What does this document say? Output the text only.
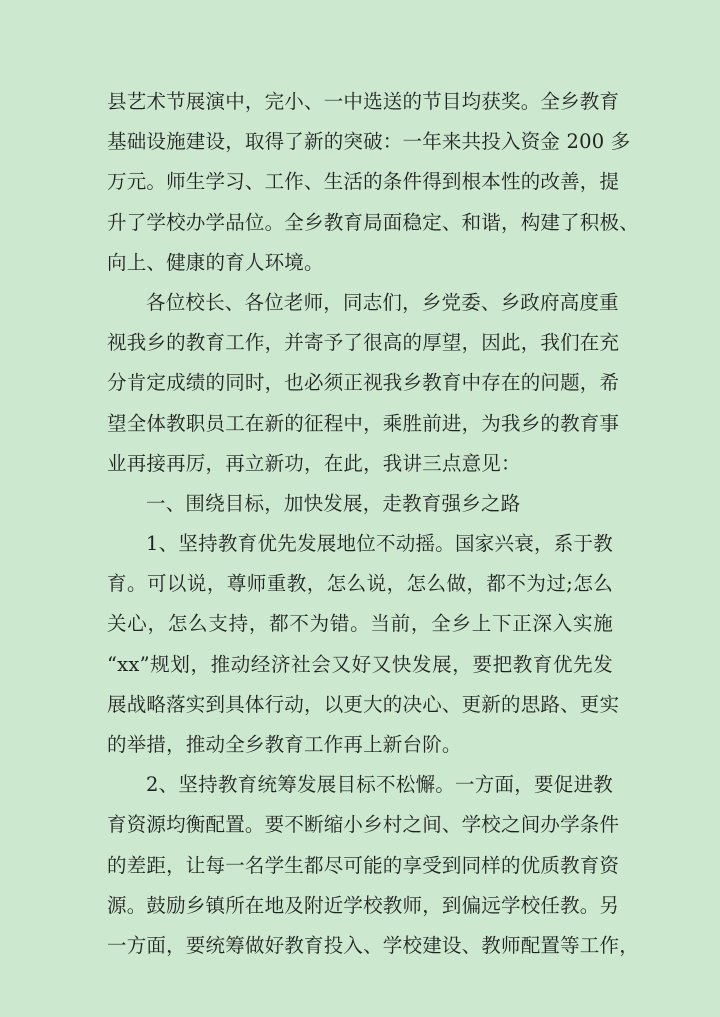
县艺术节展演中，完小、一中选送的节目均获奖。全乡教育
基础设施建设，取得了新的突破：一年来共投入资金 200 多
万元。师生学习、工作、生活的条件得到根本性的改善，提
升了学校办学品位。全乡教育局面稳定、和谐，构建了积极、
向上、健康的育人环境。
各位校长、各位老师，同志们，乡党委、乡政府高度重
视我乡的教育工作，并寄予了很高的厚望，因此，我们在充
分肯定成绩的同时，也必须正视我乡教育中存在的问题，希
望全体教职员工在新的征程中，乘胜前进，为我乡的教育事
业再接再厉，再立新功，在此，我讲三点意见：
一、围绕目标，加快发展，走教育强乡之路
1、坚持教育优先发展地位不动摇。国家兴衰，系于教
育。可以说，尊师重教，怎么说，怎么做，都不为过;怎么
关心，怎么支持，都不为错。当前，全乡上下正深入实施
“xx”规划，推动经济社会又好又快发展，要把教育优先发
展战略落实到具体行动，以更大的决心、更新的思路、更实
的举措，推动全乡教育工作再上新台阶。
2、坚持教育统筹发展目标不松懈。一方面，要促进教
育资源均衡配置。要不断缩小乡村之间、学校之间办学条件
的差距，让每一名学生都尽可能的享受到同样的优质教育资
源。鼓励乡镇所在地及附近学校教师，到偏远学校任教。另
一方面，要统筹做好教育投入、学校建设、教师配置等工作，
